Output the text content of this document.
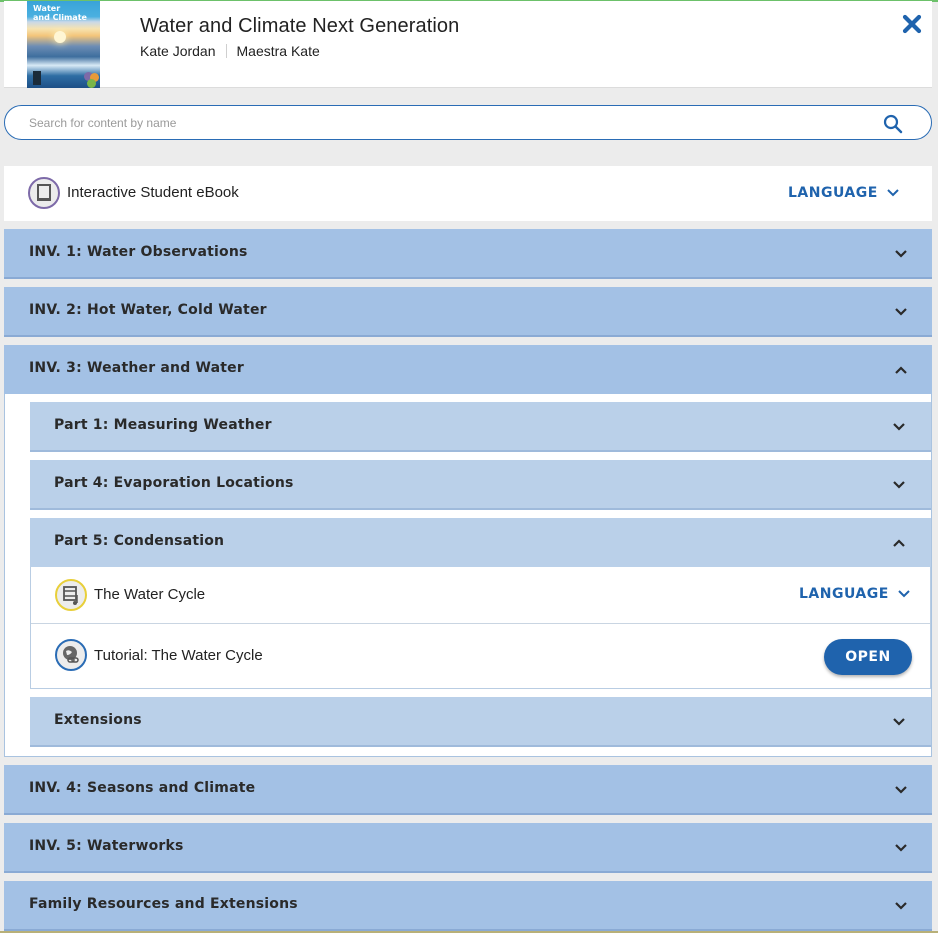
Water
and Climate	Water and Climate Next Generation
Kate Jordan Maestra Kate
Search for content by name
Interactive Student eBook	LANGUAGE
INV. 1: Water Observations
INV. 2: Hot Water, Cold Water
INV. 3: Weather and Water
Part 1: Measuring Weather
Part 4: Evaporation Locations
Part 5: Condensation
The Water Cycle	LANGUAGE
Tutorial: The Water Cycle	OPEN
Extensions
INV. 4: Seasons and Climate
INV. 5: Waterworks
Family Resources and Extensions
